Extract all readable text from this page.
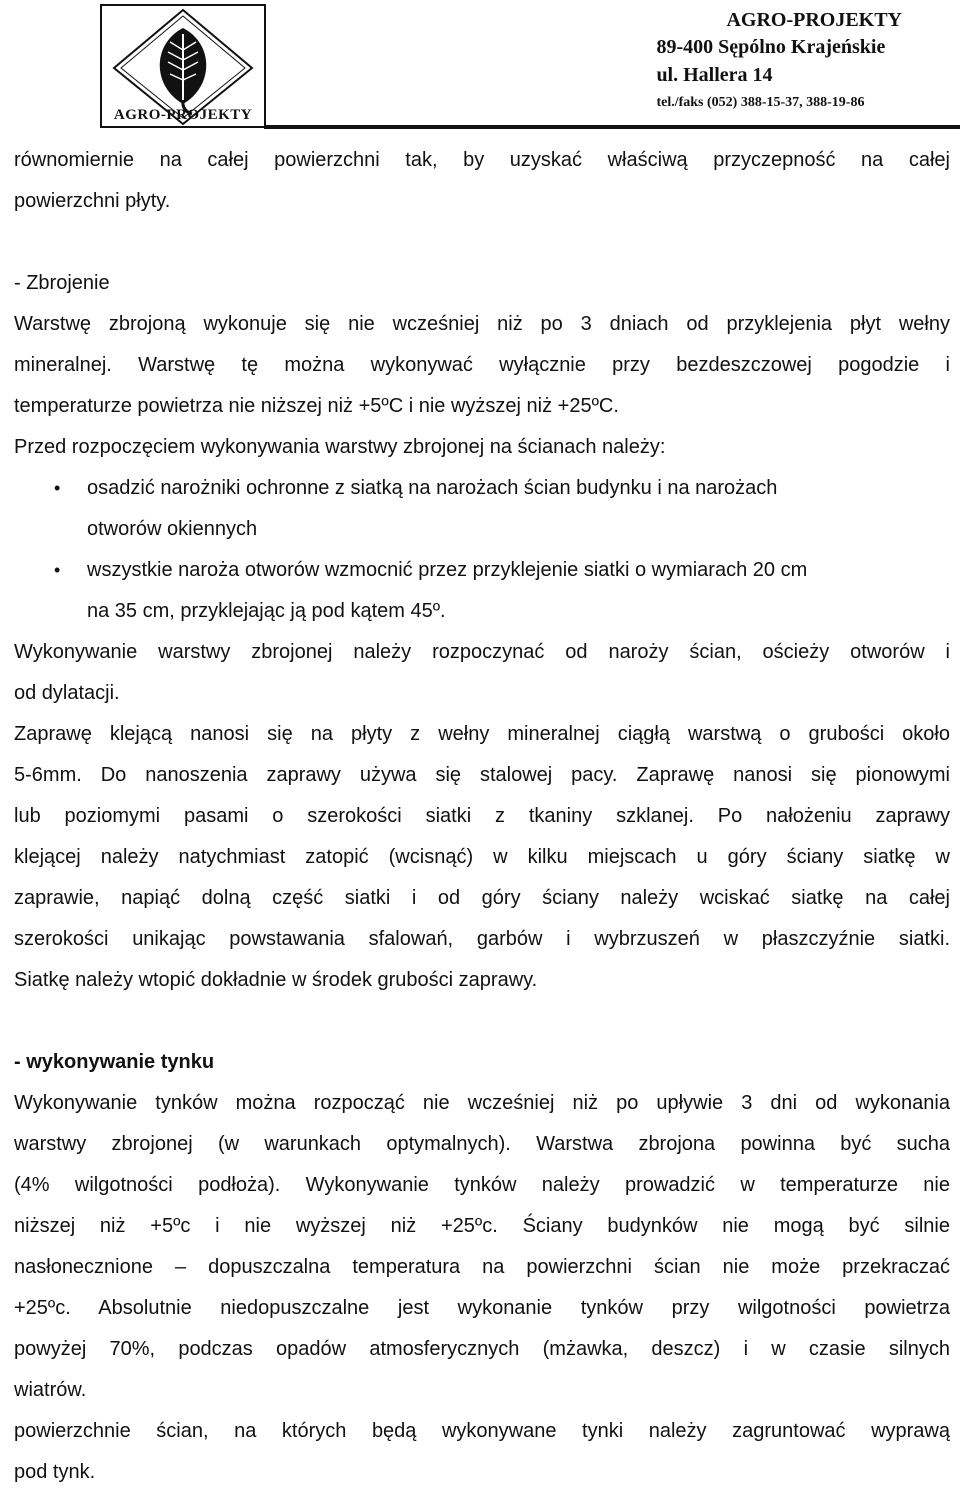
AGRO-PROJEKTY
AGRO-PROJEKTY
89-400 Sępólno Krajeńskie
ul. Hallera 14
tel./faks (052) 388-15-37, 388-19-86

równomiernie na całej powierzchni tak, by uzyskać właściwą przyczepność na całej

powierzchni płyty.

- Zbrojenie

Warstwę zbrojoną wykonuje się nie wcześniej niż po 3 dniach od przyklejenia płyt wełny

mineralnej. Warstwę tę można wykonywać wyłącznie przy bezdeszczowej pogodzie i

temperaturze powietrza nie niższej niż +5ºC i nie wyższej niż +25ºC.

Przed rozpoczęciem wykonywania warstwy zbrojonej na ścianach należy:

• osadzić narożniki ochronne z siatką na narożach ścian budynku i na narożach
otworów okiennych
• wszystkie naroża otworów wzmocnić przez przyklejenie siatki o wymiarach 20 cm
na 35 cm, przyklejając ją pod kątem 45º.

Wykonywanie warstwy zbrojonej należy rozpoczynać od naroży ścian, ościeży otworów i

od dylatacji.

Zaprawę klejącą nanosi się na płyty z wełny mineralnej ciągłą warstwą o grubości około

5-6mm. Do nanoszenia zaprawy używa się stalowej pacy. Zaprawę nanosi się pionowymi

lub poziomymi pasami o szerokości siatki z tkaniny szklanej. Po nałożeniu zaprawy

klejącej należy natychmiast zatopić (wcisnąć) w kilku miejscach u góry ściany siatkę w

zaprawie, napiąć dolną część siatki i od góry ściany należy wciskać siatkę na całej

szerokości unikając powstawania sfalowań, garbów i wybrzuszeń w płaszczyźnie siatki.

Siatkę należy wtopić dokładnie w środek grubości zaprawy.

- wykonywanie tynku

Wykonywanie tynków można rozpocząć nie wcześniej niż po upływie 3 dni od wykonania

warstwy zbrojonej (w warunkach optymalnych). Warstwa zbrojona powinna być sucha

(4% wilgotności podłoża). Wykonywanie tynków należy prowadzić w temperaturze nie

niższej niż +5ºc i nie wyższej niż +25ºc. Ściany budynków nie mogą być silnie

nasłonecznione – dopuszczalna temperatura na powierzchni ścian nie może przekraczać

+25ºc. Absolutnie niedopuszczalne jest wykonanie tynków przy wilgotności powietrza

powyżej 70%, podczas opadów atmosferycznych (mżawka, deszcz) i w czasie silnych

wiatrów.

powierzchnie ścian, na których będą wykonywane tynki należy zagruntować wyprawą

pod tynk.
